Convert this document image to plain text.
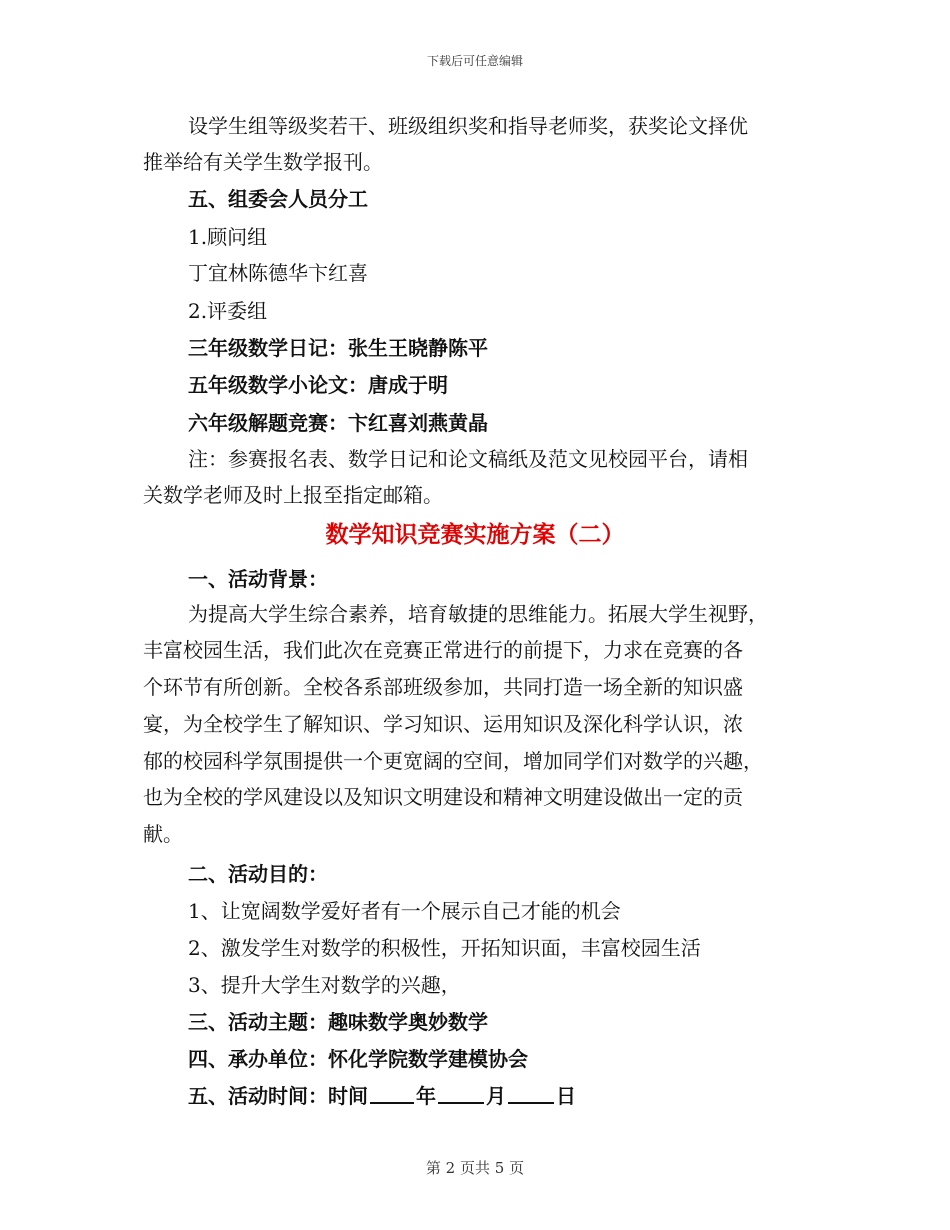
下载后可任意编辑
设学生组等级奖若干、班级组织奖和指导老师奖，获奖论文择优
推举给有关学生数学报刊。
五、组委会人员分工
1.顾问组
丁宜林陈德华卞红喜
2.评委组
三年级数学日记：张生王晓静陈平
五年级数学小论文：唐成于明
六年级解题竞赛：卞红喜刘燕黄晶
注：参赛报名表、数学日记和论文稿纸及范文见校园平台，请相
关数学老师及时上报至指定邮箱。
数学知识竞赛实施方案（二）
一、活动背景：
为提高大学生综合素养，培育敏捷的思维能力。拓展大学生视野，
丰富校园生活，我们此次在竞赛正常进行的前提下，力求在竞赛的各
个环节有所创新。全校各系部班级参加，共同打造一场全新的知识盛
宴，为全校学生了解知识、学习知识、运用知识及深化科学认识，浓
郁的校园科学氛围提供一个更宽阔的空间，增加同学们对数学的兴趣，
也为全校的学风建设以及知识文明建设和精神文明建设做出一定的贡
献。
二、活动目的：
1、让宽阔数学爱好者有一个展示自己才能的机会
2、激发学生对数学的积极性，开拓知识面，丰富校园生活
3、提升大学生对数学的兴趣，
三、活动主题：趣味数学奥妙数学
四、承办单位：怀化学院数学建模协会
五、活动时间：时间 年	月	日
第 2 页共 5 页
